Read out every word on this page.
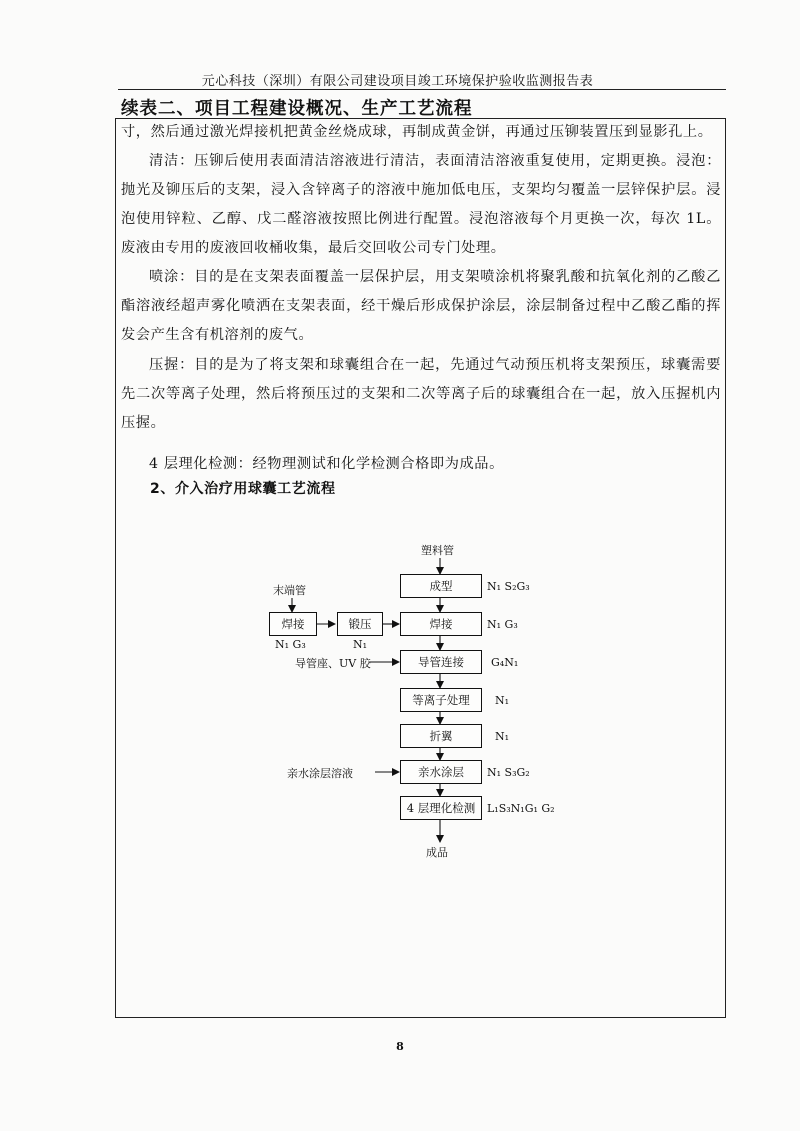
元心科技（深圳）有限公司建设项目竣工环境保护验收监测报告表
续表二、项目工程建设概况、生产工艺流程

寸，然后通过激光焊接机把黄金丝烧成球，再制成黄金饼，再通过压铆装置压到显影孔上。

清洁：压铆后使用表面清洁溶液进行清洁，表面清洁溶液重复使用，定期更换。浸泡：抛光及铆压后的支架，浸入含锌离子的溶液中施加低电压，支架均匀覆盖一层锌保护层。浸泡使用锌粒、乙醇、戊二醛溶液按照比例进行配置。浸泡溶液每个月更换一次，每次 1L。废液由专用的废液回收桶收集，最后交回收公司专门处理。

喷涂：目的是在支架表面覆盖一层保护层，用支架喷涂机将聚乳酸和抗氧化剂的乙酸乙酯溶液经超声雾化喷洒在支架表面，经干燥后形成保护涂层，涂层制备过程中乙酸乙酯的挥发会产生含有机溶剂的废气。

压握：目的是为了将支架和球囊组合在一起，先通过气动预压机将支架预压，球囊需要先二次等离子处理，然后将预压过的支架和二次等离子后的球囊组合在一起，放入压握机内压握。

4 层理化检测：经物理测试和化学检测合格即为成品。

2、介入治疗用球囊工艺流程
塑料管
末端管	成型	N₁ S₂G₃
焊接
N₁ G₃
锻压
N₁
焊接	N₁ G₃
导管座、UV 胶	导管连接	G₄N₁
等离子处理	N₁
折翼	N₁
亲水涂层溶液	亲水涂层	N₁ S₃G₂
4 层理化检测	L₁S₃N₁G₁ G₂
成品
8
